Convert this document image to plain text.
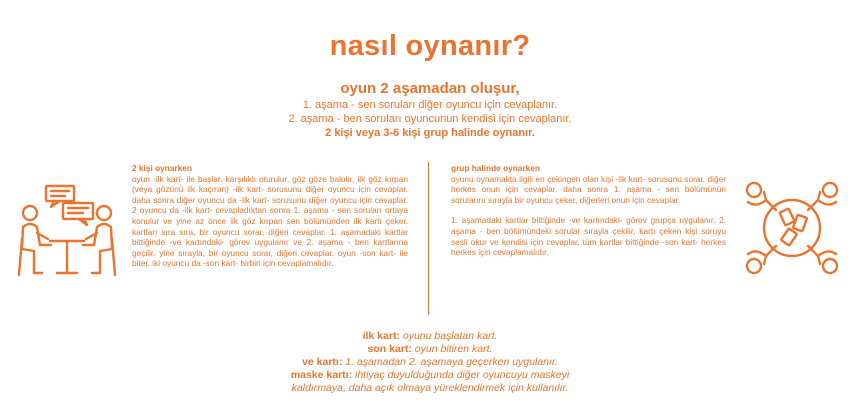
nasıl oynanır?
oyun 2 aşamadan oluşur,
1. aşama - sen soruları diğer oyuncu için cevaplanır.
2. aşama - ben soruları oyuncunun kendisi için cevaplanır.
2 kişi veya 3-6 kişi grup halinde oynanır.
2 kişi oynarken
oyun -ilk kart- ile başlar. karşılıklı oturulur, göz göze bakılır, ilk göz kırpan (veya gözünü ilk kaçıran) -ilk kart- sorusunu diğer oyuncu için cevaplar. daha sonra diğer oyuncu da -ilk kart- sorusunu diğer oyuncu için cevaplar. 2 oyuncu da -ilk kart- cevapladıktan sonra 1. aşama - sen soruları ortaya konulur ve yine az önce ilk göz kırpan sen bölümünden ilk kartı çeker. kartları sıra sıra, bir oyuncu sorar, diğeri cevaplar. 1. aşamadaki kartlar bittiğinde -ve kartındaki- görev uygulanır ve 2. aşama - ben kartlarına geçilir. yine sırayla, bir oyuncu sorar, diğeri cevaplar. oyun -son kart- ile biter. iki oyuncu da -son kart- birbiri için cevaplamalıdır.
grup halinde oynarken
oyunu oynamakta ilgili en çekingen olan kişi -ilk kart- sorusunu sorar, diğer herkes onun için cevaplar. daha sonra 1. aşama - sen bölümünün sorularını sırayla bir oyuncu çeker, diğerleri onun için cevaplar.
1. aşamadaki kartlar bittiğinde -ve kartındaki- görev grupça uygulanır. 2. aşama - ben bölümündeki sorular sırayla çekilir, kartı çeken kişi soruyu sesli okur ve kendisi için cevaplar. tüm kartlar bittiğinde -son kart- herkes herkes için cevaplamalıdır.
ilk kart: oyunu başlatan kart.
son kart: oyun bitiren kart.
ve kartı: 1. aşamadan 2. aşamaya geçerken uygulanır.
maske kartı: ihtiyaç duyulduğunda diğer oyuncuyu maskeyi
kaldırmaya, daha açık olmaya yüreklendirmek için kullanılır.
